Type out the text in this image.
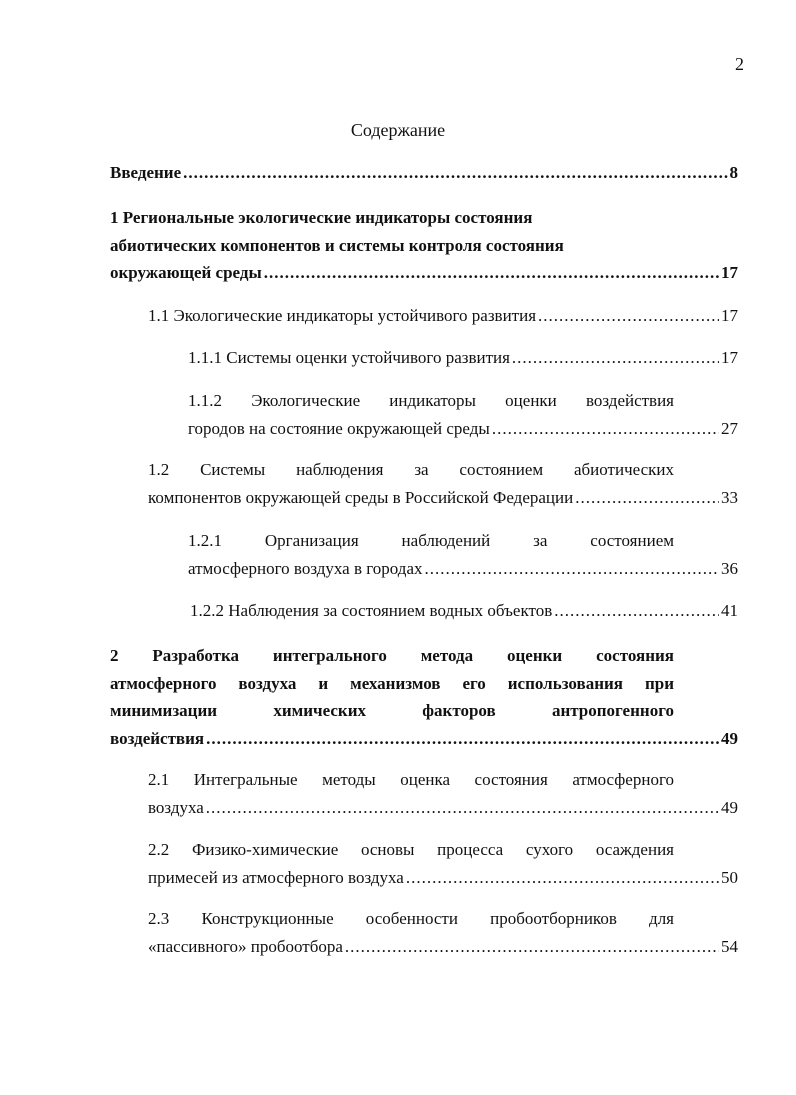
2
Содержание
Введение .....	8
1 Региональные экологические индикаторы состояния
абиотических компонентов и системы контроля состояния
окружающей среды .....	17
1.1 Экологические индикаторы устойчивого развития .....	17
1.1.1 Системы оценки устойчивого развития .....	17
1.1.2 Экологические индикаторы оценки воздействия
городов на состояние окружающей среды .....	27
1.2 Системы наблюдения за состоянием абиотических
компонентов окружающей среды в Российской Федерации .....	33
1.2.1 Организация наблюдений за состоянием
атмосферного воздуха в городах .....	36
1.2.2 Наблюдения за состоянием водных объектов .....	41
2 Разработка интегрального метода оценки состояния
атмосферного воздуха и механизмов его использования при
минимизации химических факторов антропогенного
воздействия .....	49
2.1 Интегральные методы оценка состояния атмосферного
воздуха .....	49
2.2 Физико-химические основы процесса сухого осаждения
примесей из атмосферного воздуха .....	50
2.3 Конструкционные особенности пробоотборников для
«пассивного» пробоотбора .....	54
